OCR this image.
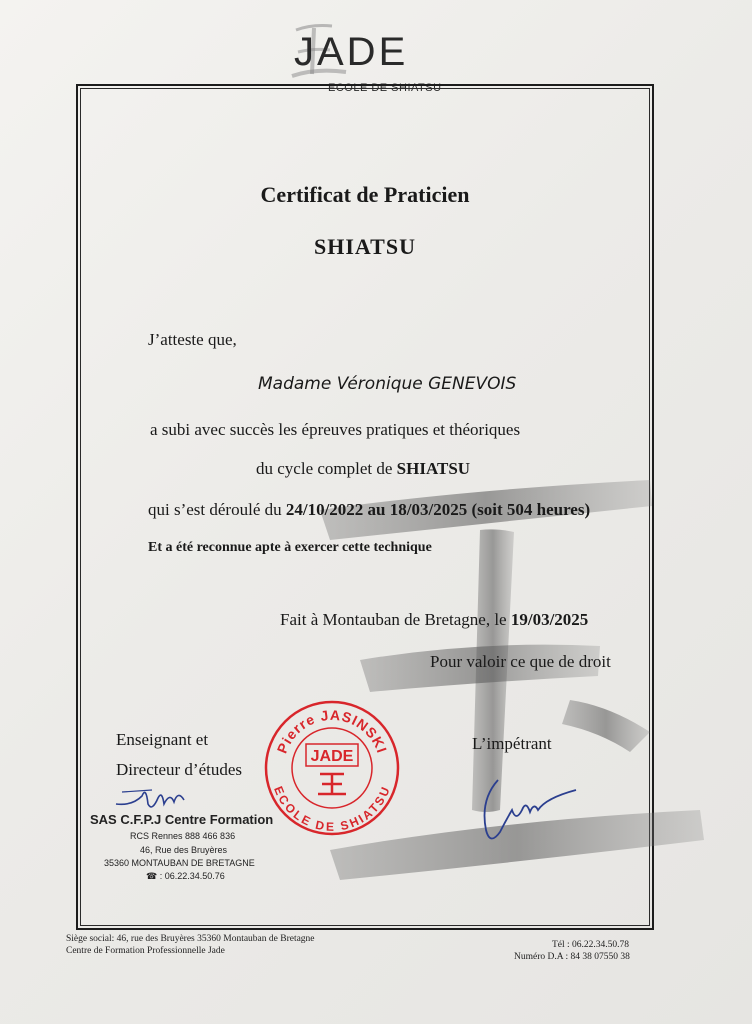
JADE
ECOLE DE SHIATSU
Certificat de Praticien
SHIATSU
J’atteste que,
Madame Véronique GENEVOIS
a subi avec succès les épreuves pratiques et théoriques
du cycle complet de SHIATSU
qui s’est déroulé du 24/10/2022 au 18/03/2025 (soit 504 heures)
Et a été reconnue apte à exercer cette technique
Fait à Montauban de Bretagne, le 19/03/2025
Pour valoir ce que de droit
Enseignant et
Directeur d’études
L’impétrant
Pierre JASINSKI
ECOLE DE SHIATSU
JADE
SAS C.F.P.J Centre Formation
RCS Rennes 888 466 836
46, Rue des Bruyères
35360 MONTAUBAN DE BRETAGNE
☎ : 06.22.34.50.76
Siège social: 46, rue des Bruyères 35360 Montauban de Bretagne
Centre de Formation Professionnelle Jade
Tél : 06.22.34.50.78
Numéro D.A : 84 38 07550 38
